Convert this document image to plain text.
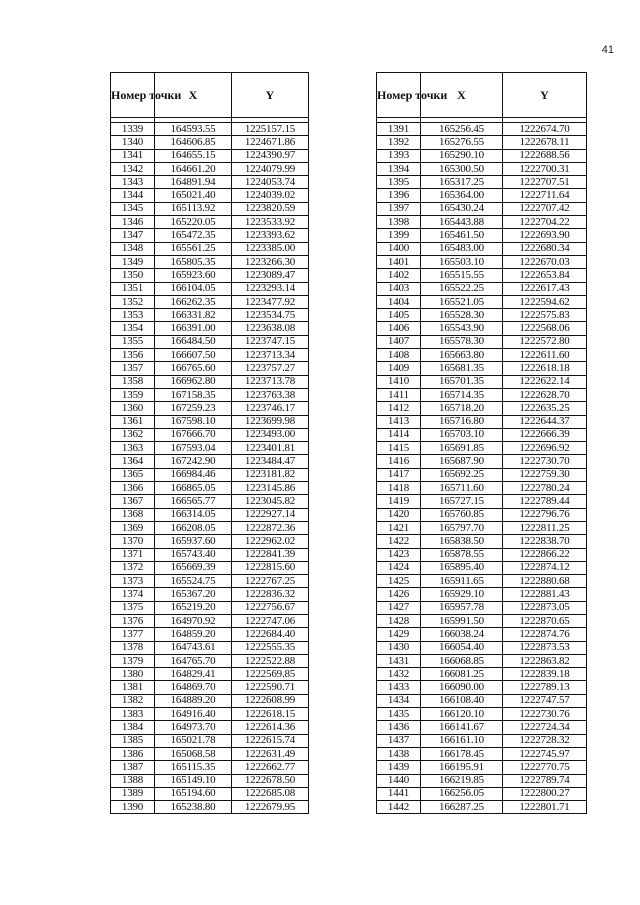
41
Номер точки	X	Y

1339	164593.55	1225157.15
1340	164606.85	1224671.86
1341	164655.15	1224390.97
1342	164661.20	1224079.99
1343	164891.94	1224053.74
1344	165021.40	1224039.02
1345	165113.92	1223820.59
1346	165220.05	1223533.92
1347	165472.35	1223393.62
1348	165561.25	1223385.00
1349	165805.35	1223266.30
1350	165923.60	1223089.47
1351	166104.05	1223293.14
1352	166262.35	1223477.92
1353	166331.82	1223534.75
1354	166391.00	1223638.08
1355	166484.50	1223747.15
1356	166607.50	1223713.34
1357	166765.60	1223757.27
1358	166962.80	1223713.78
1359	167158.35	1223763.38
1360	167259.23	1223746.17
1361	167598.10	1223699.98
1362	167666.70	1223493.00
1363	167593.04	1223401.81
1364	167242.90	1223484.47
1365	166984.46	1223181.82
1366	166865.05	1223145.86
1367	166565.77	1223045.82
1368	166314.05	1222927.14
1369	166208.05	1222872.36
1370	165937.60	1222962.02
1371	165743.40	1222841.39
1372	165669.39	1222815.60
1373	165524.75	1222767.25
1374	165367.20	1222836.32
1375	165219.20	1222756.67
1376	164970.92	1222747.06
1377	164859.20	1222684.40
1378	164743.61	1222555.35
1379	164765.70	1222522.88
1380	164829.41	1222569.85
1381	164869.70	1222590.71
1382	164889.20	1222608.99
1383	164916.40	1222618.15
1384	164973.70	1222614.36
1385	165021.78	1222615.74
1386	165068.58	1222631.49
1387	165115.35	1222662.77
1388	165149.10	1222678.50
1389	165194.60	1222685.08
1390	165238.80	1222679.95
Номер точки	X	Y

1391	165256.45	1222674.70
1392	165276.55	1222678.11
1393	165290.10	1222688.56
1394	165300.50	1222700.31
1395	165317.25	1222707.51
1396	165364.00	1222711.64
1397	165430.24	1222707.42
1398	165443.88	1222704.22
1399	165461.50	1222693.90
1400	165483.00	1222680.34
1401	165503.10	1222670.03
1402	165515.55	1222653.84
1403	165522.25	1222617.43
1404	165521.05	1222594.62
1405	165528.30	1222575.83
1406	165543.90	1222568.06
1407	165578.30	1222572.80
1408	165663.80	1222611.60
1409	165681.35	1222618.18
1410	165701.35	1222622.14
1411	165714.35	1222628.70
1412	165718.20	1222635.25
1413	165716.80	1222644.37
1414	165703.10	1222666.39
1415	165691.85	1222696.92
1416	165687.90	1222730.70
1417	165692.25	1222759.30
1418	165711.60	1222780.24
1419	165727.15	1222789.44
1420	165760.85	1222796.76
1421	165797.70	1222811.25
1422	165838.50	1222838.70
1423	165878.55	1222866.22
1424	165895.40	1222874.12
1425	165911.65	1222880.68
1426	165929.10	1222881.43
1427	165957.78	1222873.05
1428	165991.50	1222870.65
1429	166038.24	1222874.76
1430	166054.40	1222873.53
1431	166068.85	1222863.82
1432	166081.25	1222839.18
1433	166090.00	1222789.13
1434	166108.40	1222747.57
1435	166120.10	1222730.76
1436	166141.67	1222724.34
1437	166161.10	1222728.32
1438	166178.45	1222745.97
1439	166195.91	1222770.75
1440	166219.85	1222789.74
1441	166256.05	1222800.27
1442	166287.25	1222801.71
